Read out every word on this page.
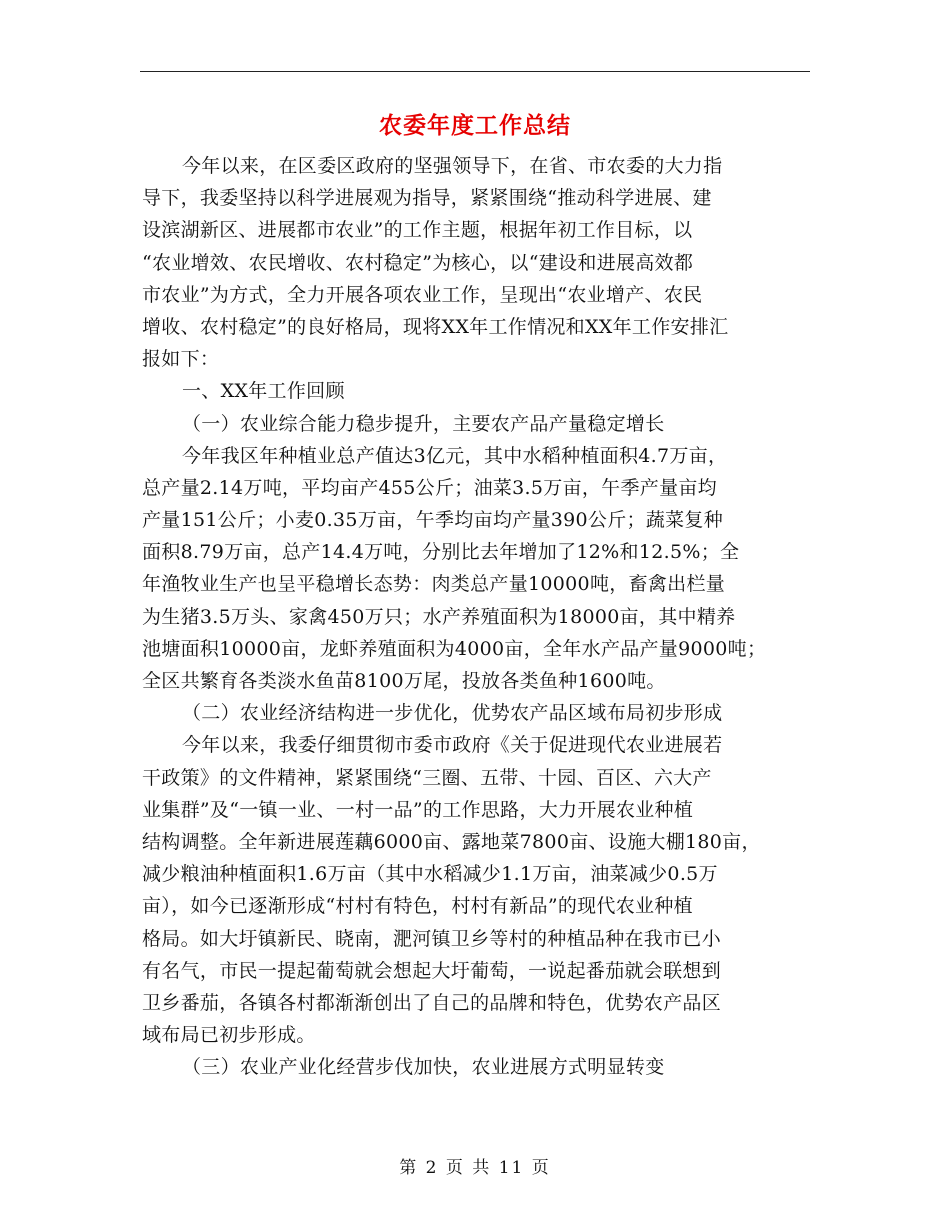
农委年度工作总结
今年以来，在区委区政府的坚强领导下，在省、市农委的大力指
导下，我委坚持以科学进展观为指导，紧紧围绕“推动科学进展、建
设滨湖新区、进展都市农业”的工作主题，根据年初工作目标，以
“农业增效、农民增收、农村稳定”为核心，以“建设和进展高效都
市农业”为方式，全力开展各项农业工作，呈现出“农业增产、农民
增收、农村稳定”的良好格局，现将XX年工作情况和XX年工作安排汇
报如下：
一、XX年工作回顾
（一）农业综合能力稳步提升，主要农产品产量稳定增长
今年我区年种植业总产值达3亿元，其中水稻种植面积4.7万亩，
总产量2.14万吨，平均亩产455公斤；油菜3.5万亩，午季产量亩均
产量151公斤；小麦0.35万亩，午季均亩均产量390公斤；蔬菜复种
面积8.79万亩，总产14.4万吨，分别比去年增加了12%和12.5%；全
年渔牧业生产也呈平稳增长态势：肉类总产量10000吨，畜禽出栏量
为生猪3.5万头、家禽450万只；水产养殖面积为18000亩，其中精养
池塘面积10000亩，龙虾养殖面积为4000亩，全年水产品产量9000吨；
全区共繁育各类淡水鱼苗8100万尾，投放各类鱼种1600吨。
（二）农业经济结构进一步优化，优势农产品区域布局初步形成
今年以来，我委仔细贯彻市委市政府《关于促进现代农业进展若
干政策》的文件精神，紧紧围绕“三圈、五带、十园、百区、六大产
业集群”及“一镇一业、一村一品”的工作思路，大力开展农业种植
结构调整。全年新进展莲藕6000亩、露地菜7800亩、设施大棚180亩，
减少粮油种植面积1.6万亩（其中水稻减少1.1万亩，油菜减少0.5万
亩），如今已逐渐形成“村村有特色，村村有新品”的现代农业种植
格局。如大圩镇新民、晓南，淝河镇卫乡等村的种植品种在我市已小
有名气，市民一提起葡萄就会想起大圩葡萄，一说起番茄就会联想到
卫乡番茄，各镇各村都渐渐创出了自己的品牌和特色，优势农产品区
域布局已初步形成。
（三）农业产业化经营步伐加快，农业进展方式明显转变
第 2 页 共 11 页
